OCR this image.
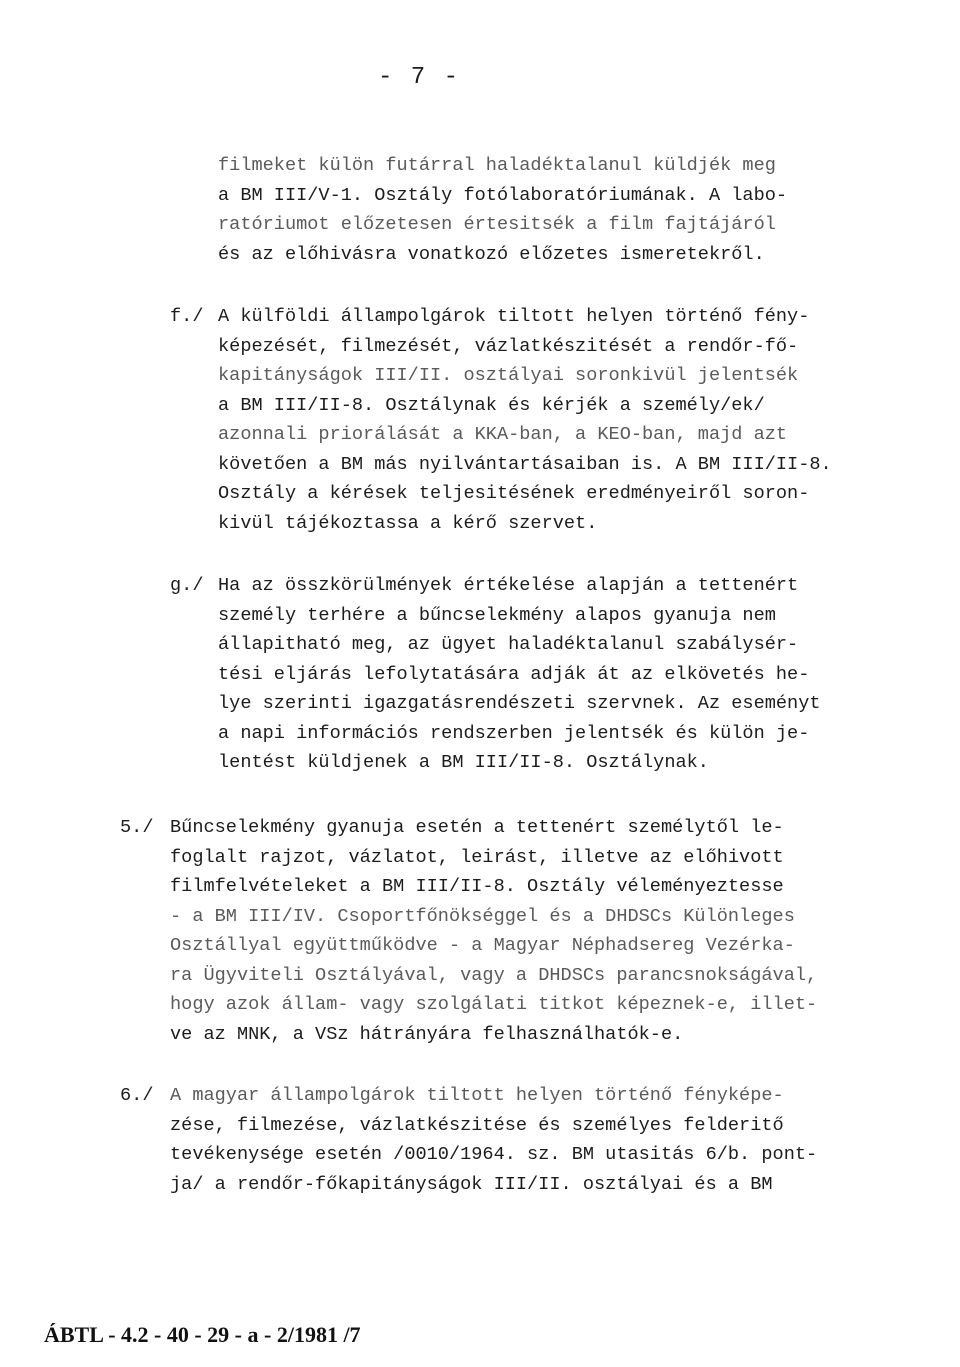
- 7 -
filmeket külön futárral haladéktalanul küldjék meg
a BM III/V-1. Osztály fotólaboratóriumának. A labo-
ratóriumot előzetesen értesitsék a film fajtájáról
és az előhivásra vonatkozó előzetes ismeretekről.
f./ A külföldi állampolgárok tiltott helyen történő fény-
képezését, filmezését, vázlatkészitését a rendőr-fő-
kapitányságok III/II. osztályai soronkivül jelentsék
a BM III/II-8. Osztálynak és kérjék a személy/ek/
azonnali priorálását a KKA-ban, a KEO-ban, majd azt
követően a BM más nyilvántartásaiban is. A BM III/II-8.
Osztály a kérések teljesitésének eredményeiről soron-
kivül tájékoztassa a kérő szervet.
g./ Ha az összkörülmények értékelése alapján a tettenért
személy terhére a bűncselekmény alapos gyanuja nem
állapitható meg, az ügyet haladéktalanul szabálysér-
tési eljárás lefolytatására adják át az elkövetés he-
lye szerinti igazgatásrendészeti szervnek. Az eseményt
a napi információs rendszerben jelentsék és külön je-
lentést küldjenek a BM III/II-8. Osztálynak.
5./ Bűncselekmény gyanuja esetén a tettenért személytől le-
foglalt rajzot, vázlatot, leirást, illetve az előhivott
filmfelvételeket a BM III/II-8. Osztály véleményeztesse
- a BM III/IV. Csoportfőnökséggel és a DHDSCs Különleges
Osztállyal együttműködve - a Magyar Néphadsereg Vezérka-
ra Ügyviteli Osztályával, vagy a DHDSCs parancsnokságával,
hogy azok állam- vagy szolgálati titkot képeznek-e, illet-
ve az MNK, a VSz hátrányára felhasználhatók-e.
6./ A magyar állampolgárok tiltott helyen történő fényképe-
zése, filmezése, vázlatkészitése és személyes felderitő
tevékenysége esetén /0010/1964. sz. BM utasitás 6/b. pont-
ja/ a rendőr-főkapitányságok III/II. osztályai és a BM
ÁBTL - 4.2 - 40 - 29 - a - 2/1981 /7
